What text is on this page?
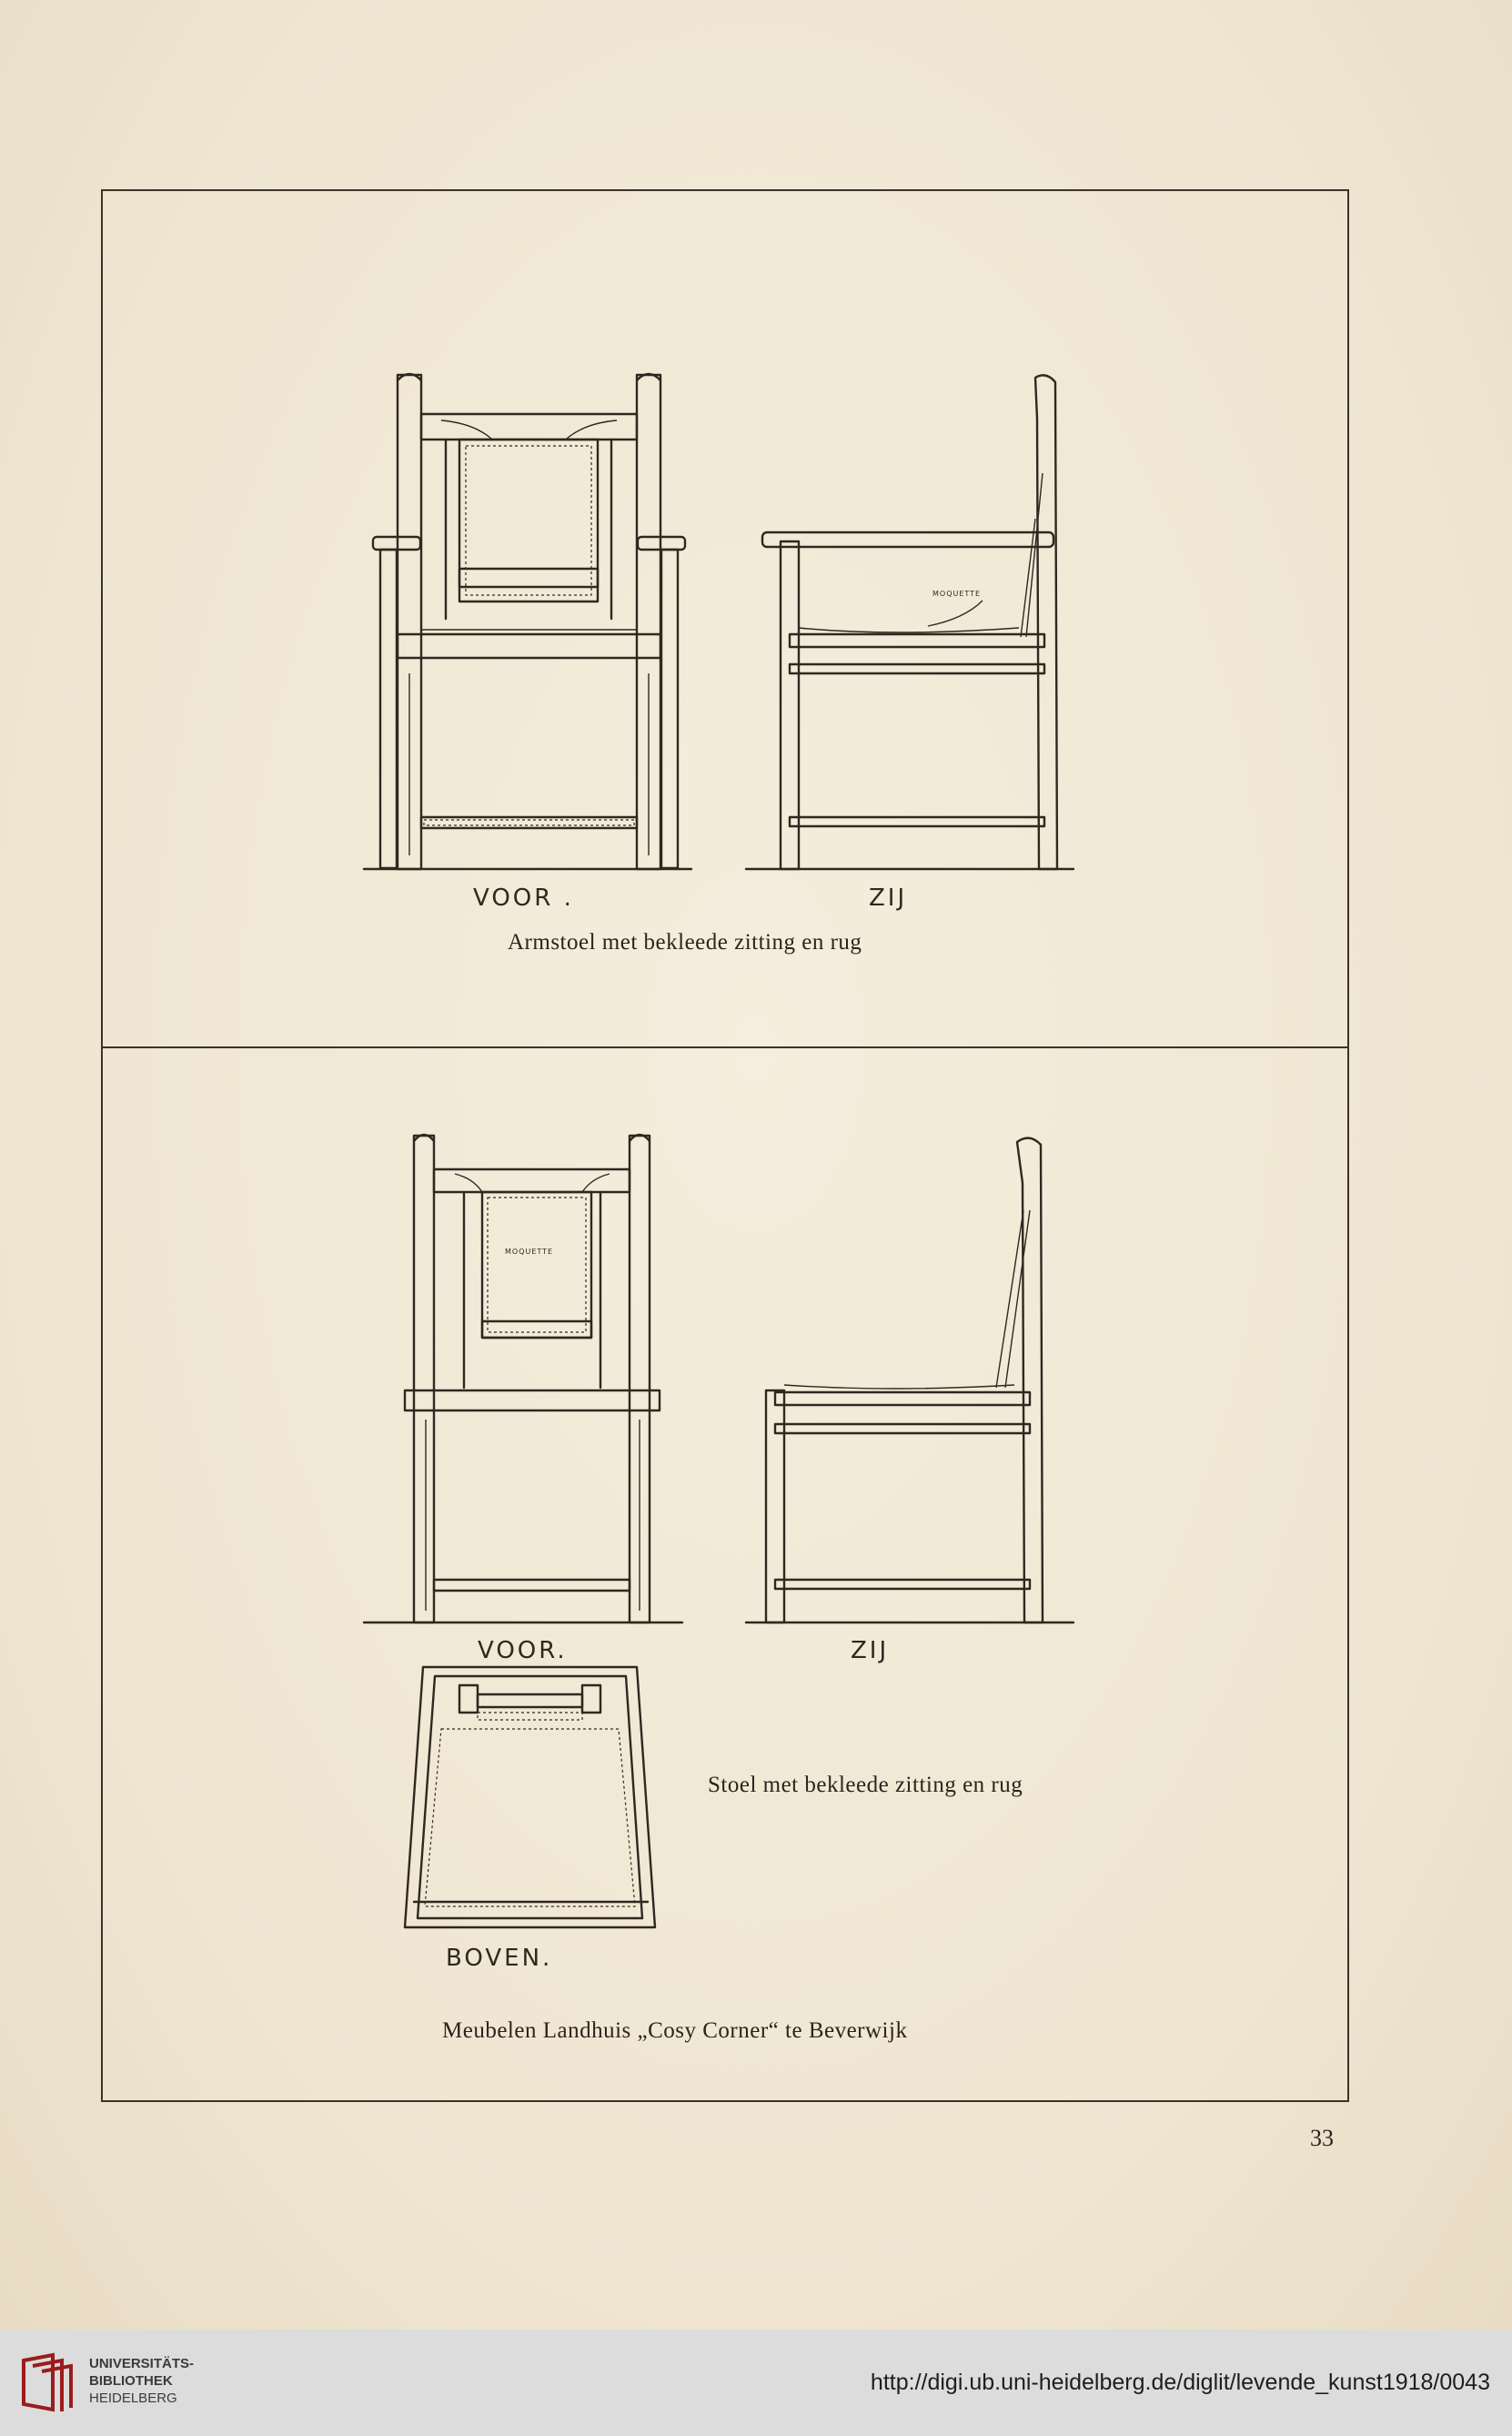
VOOR .
MOQUETTE
ZIJ
MOQUETTE
VOOR.	ZIJ
BOVEN.
Armstoel met bekleede zitting en rug
Stoel met bekleede zitting en rug
Meubelen Landhuis „Cosy Corner“ te Beverwijk
33
UNIVERSITÄTS-
BIBLIOTHEK
HEIDELBERG
http://digi.ub.uni-heidelberg.de/diglit/levende_kunst1918/0043
